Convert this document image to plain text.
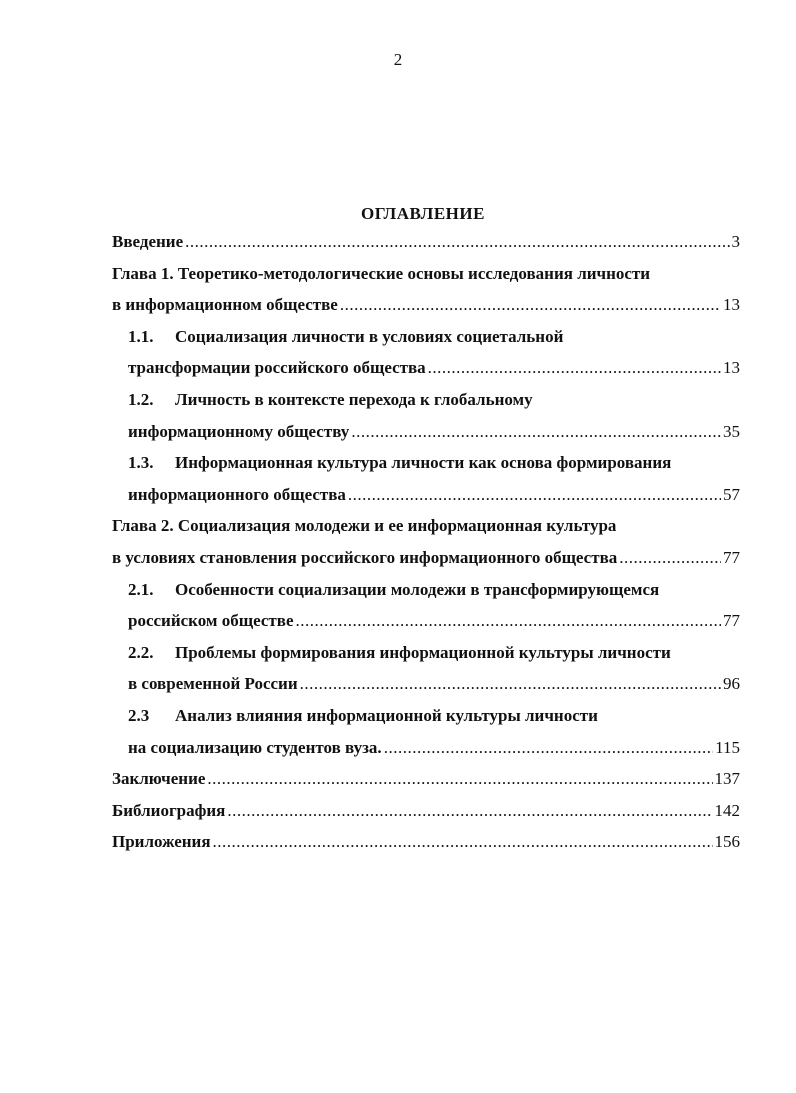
2
ОГЛАВЛЕНИЕ
Введение .....	3
Глава 1. Теоретико-методологические основы исследования личности
в информационном обществе .....	13
1.1.	Социализация личности в условиях социетальной
трансформации российского общества .....	13
1.2.	Личность в контексте перехода к глобальному
информационному обществу .....	35
1.3.	Информационная культура личности как основа формирования
информационного общества .....	57
Глава 2. Социализация молодежи и ее информационная культура
в условиях становления российского информационного общества .....	77
2.1.	Особенности социализации молодежи в трансформирующемся
российском обществе .....	77
2.2.	Проблемы формирования информационной культуры личности
в современной России .....	96
2.3	Анализ влияния информационной культуры личности
на социализацию студентов вуза. .....	115
Заключение .....	137
Библиография .....	142
Приложения .....	156
